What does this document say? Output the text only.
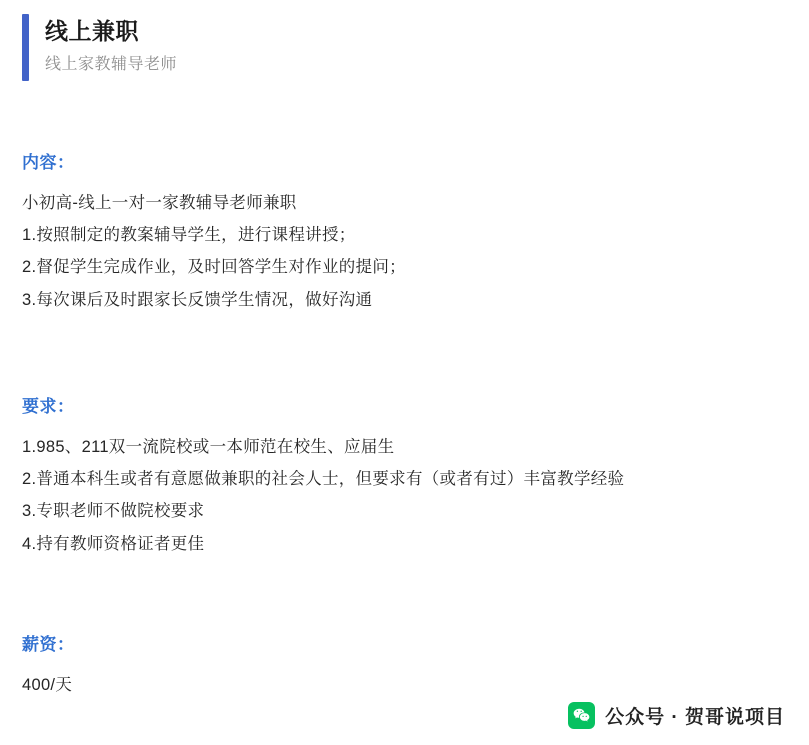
线上兼职
线上家教辅导老师
内容：
小初高-线上一对一家教辅导老师兼职
1.按照制定的教案辅导学生，进行课程讲授；
2.督促学生完成作业，及时回答学生对作业的提问；
3.每次课后及时跟家长反馈学生情况，做好沟通
要求：
1.985、211双一流院校或一本师范在校生、应届生
2.普通本科生或者有意愿做兼职的社会人士，但要求有（或者有过）丰富教学经验
3.专职老师不做院校要求
4.持有教师资格证者更佳
薪资：
400/天
公众号 · 贺哥说项目
